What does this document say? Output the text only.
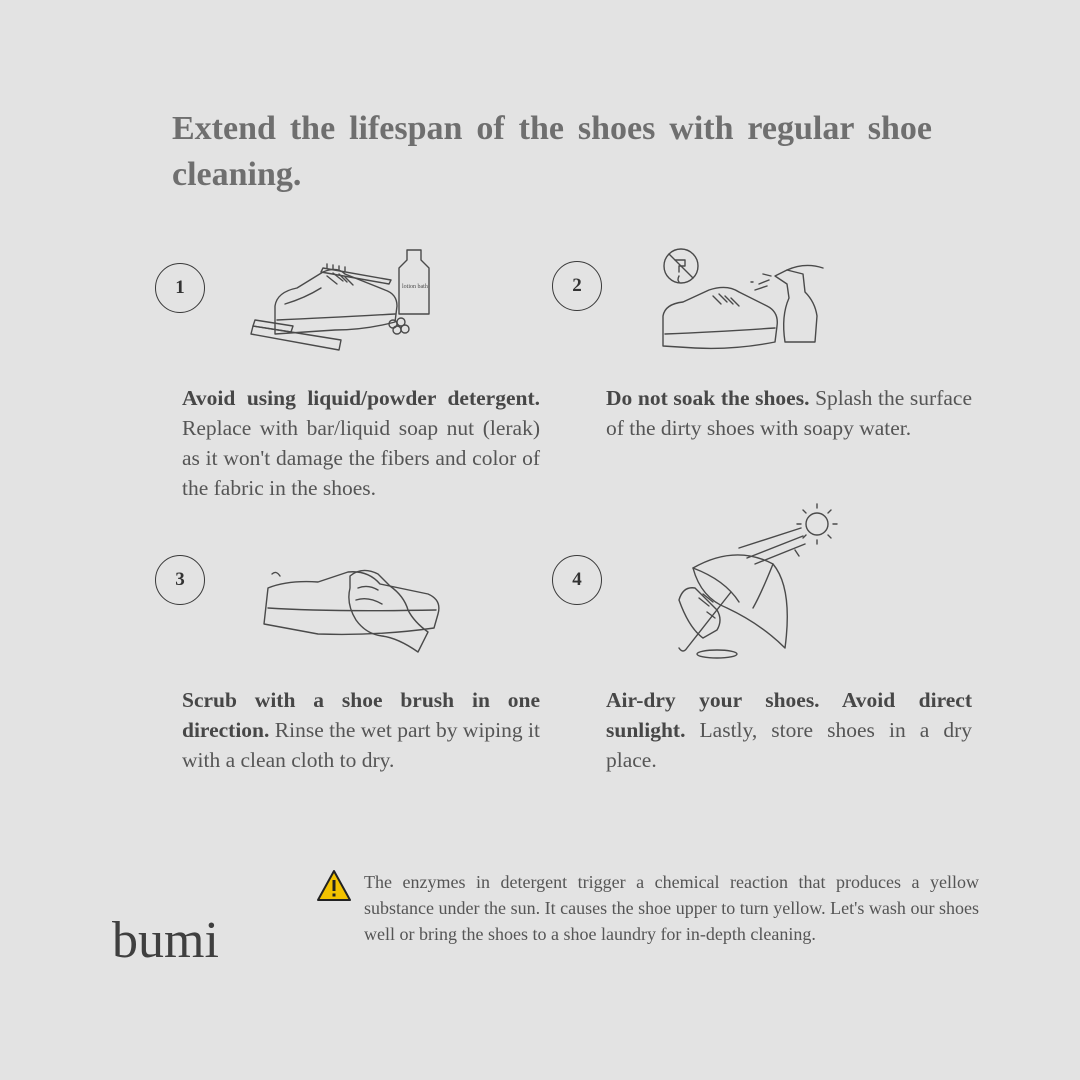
Extend the lifespan of the shoes with regular shoe cleaning.
1	lotion bath

Avoid using liquid/powder detergent. Replace with bar/liquid soap nut (lerak) as it won't damage the fibers and color of the fabric in the shoes.

2

Do not soak the shoes. Splash the surface of the dirty shoes with soapy water.

3

Scrub with a shoe brush in one direction. Rinse the wet part by wiping it with a clean cloth to dry.

4

Air-dry your shoes. Avoid direct sunlight. Lastly, store shoes in a dry place.

The enzymes in detergent trigger a chemical reaction that produces a yellow substance under the sun. It causes the shoe upper to turn yellow. Let's wash our shoes well or bring the shoes to a shoe laundry for in-depth cleaning.

bumi
